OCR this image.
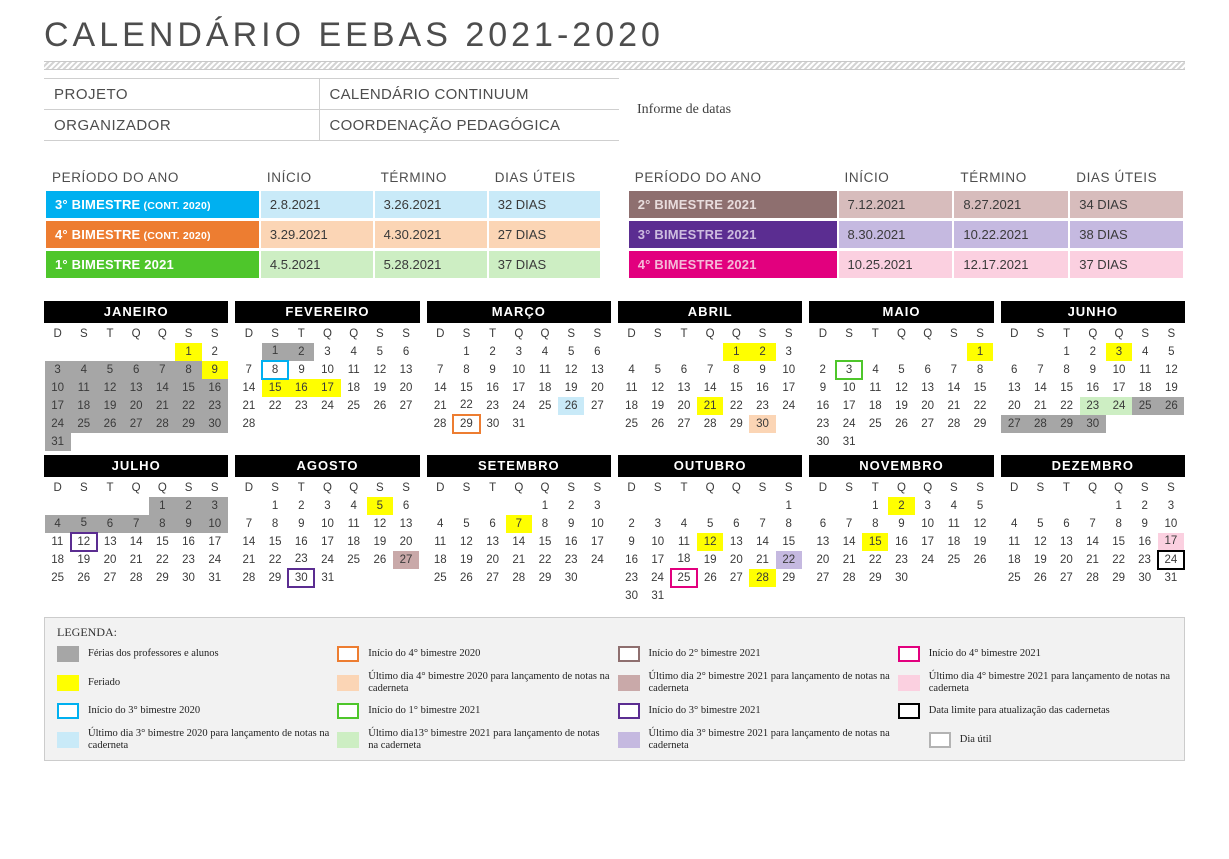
CALENDÁRIO EEBAS 2021-2020
PROJETO	CALENDÁRIO CONTINUUM
ORGANIZADOR	COORDENAÇÃO PEDAGÓGICA
Informe de datas
PERÍODO DO ANO	INÍCIO	TÉRMINO	DIAS ÚTEIS
3° BIMESTRE (CONT. 2020)	2.8.2021	3.26.2021	32 DIAS
4° BIMESTRE (CONT. 2020)	3.29.2021	4.30.2021	27 DIAS
1° BIMESTRE 2021	4.5.2021	5.28.2021	37 DIAS
PERÍODO DO ANO	INÍCIO	TÉRMINO	DIAS ÚTEIS
2° BIMESTRE 2021	7.12.2021	8.27.2021	34 DIAS
3° BIMESTRE 2021	8.30.2021	10.22.2021	38 DIAS
4° BIMESTRE 2021	10.25.2021	12.17.2021	37 DIAS
JANEIRO
D	S	T	Q	Q	S	S
					1	2
3	4	5	6	7	8	9
10	11	12	13	14	15	16
17	18	19	20	21	22	23
24	25	26	27	28	29	30
31						
FEVEREIRO
D	S	T	Q	Q	S	S
	1	2	3	4	5	6
7	8	9	10	11	12	13
14	15	16	17	18	19	20
21	22	23	24	25	26	27
28						
MARÇO
D	S	T	Q	Q	S	S
	1	2	3	4	5	6
7	8	9	10	11	12	13
14	15	16	17	18	19	20
21	22	23	24	25	26	27
28	29	30	31			
ABRIL
D	S	T	Q	Q	S	S
				1	2	3
4	5	6	7	8	9	10
11	12	13	14	15	16	17
18	19	20	21	22	23	24
25	26	27	28	29	30	
MAIO
D	S	T	Q	Q	S	S
						1
2	3	4	5	6	7	8
9	10	11	12	13	14	15
16	17	18	19	20	21	22
23	24	25	26	27	28	29
30	31					
JUNHO
D	S	T	Q	Q	S	S
		1	2	3	4	5
6	7	8	9	10	11	12
13	14	15	16	17	18	19
20	21	22	23	24	25	26
27	28	29	30			
JULHO
D	S	T	Q	Q	S	S
				1	2	3
4	5	6	7	8	9	10
11	12	13	14	15	16	17
18	19	20	21	22	23	24
25	26	27	28	29	30	31
AGOSTO
D	S	T	Q	Q	S	S
	1	2	3	4	5	6
7	8	9	10	11	12	13
14	15	16	17	18	19	20
21	22	23	24	25	26	27
28	29	30	31			
SETEMBRO
D	S	T	Q	Q	S	S
				1	2	3
4	5	6	7	8	9	10
11	12	13	14	15	16	17
18	19	20	21	22	23	24
25	26	27	28	29	30	
OUTUBRO
D	S	T	Q	Q	S	S
						1
2	3	4	5	6	7	8
9	10	11	12	13	14	15
16	17	18	19	20	21	22
23	24	25	26	27	28	29
30	31					
NOVEMBRO
D	S	T	Q	Q	S	S
		1	2	3	4	5
6	7	8	9	10	11	12
13	14	15	16	17	18	19
20	21	22	23	24	25	26
27	28	29	30			
DEZEMBRO
D	S	T	Q	Q	S	S
				1	2	3
4	5	6	7	8	9	10
11	12	13	14	15	16	17
18	19	20	21	22	23	24
25	26	27	28	29	30	31
LEGENDA:
Férias dos professores e alunos	Início do 4° bimestre 2020	Início do 2° bimestre 2021	Início do 4° bimestre 2021
Feriado
Último dia 4° bimestre 2020 para lançamento de notas na caderneta
Último dia 2° bimestre 2021 para lançamento de notas na caderneta
Último dia 4° bimestre 2021 para lançamento de notas na caderneta
Início do 3° bimestre 2020	Início do 1° bimestre 2021	Início do 3° bimestre 2021	Data limite para atualização das cadernetas
Último dia 3° bimestre 2020 para lançamento de notas na caderneta
Último dia13° bimestre 2021 para lançamento de notas na caderneta
Último dia 3° bimestre 2021 para lançamento de notas na caderneta
Dia útil
